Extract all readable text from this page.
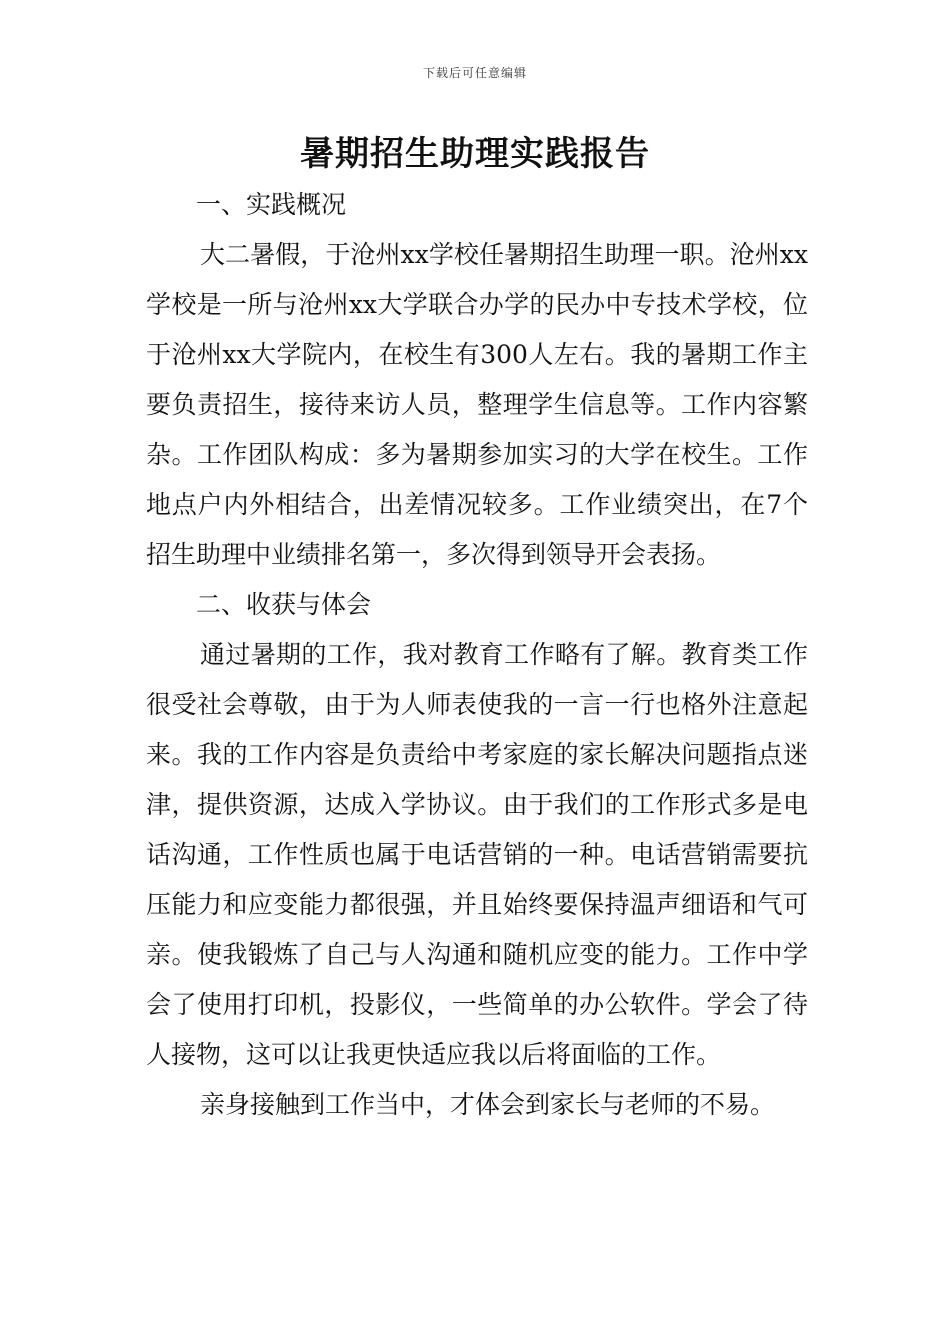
下载后可任意编辑
暑期招生助理实践报告

一、实践概况

大二暑假，于沧州xx学校任暑期招生助理一职。沧州xx学校是一所与沧州xx大学联合办学的民办中专技术学校，位于沧州xx大学院内，在校生有300人左右。我的暑期工作主要负责招生，接待来访人员，整理学生信息等。工作内容繁杂。工作团队构成：多为暑期参加实习的大学在校生。工作地点户内外相结合，出差情况较多。工作业绩突出，在7个招生助理中业绩排名第一，多次得到领导开会表扬。

二、收获与体会

通过暑期的工作，我对教育工作略有了解。教育类工作很受社会尊敬，由于为人师表使我的一言一行也格外注意起来。我的工作内容是负责给中考家庭的家长解决问题指点迷津，提供资源，达成入学协议。由于我们的工作形式多是电话沟通，工作性质也属于电话营销的一种。电话营销需要抗压能力和应变能力都很强，并且始终要保持温声细语和气可亲。使我锻炼了自己与人沟通和随机应变的能力。工作中学会了使用打印机，投影仪，一些简单的办公软件。学会了待人接物，这可以让我更快适应我以后将面临的工作。

亲身接触到工作当中，才体会到家长与老师的不易。
